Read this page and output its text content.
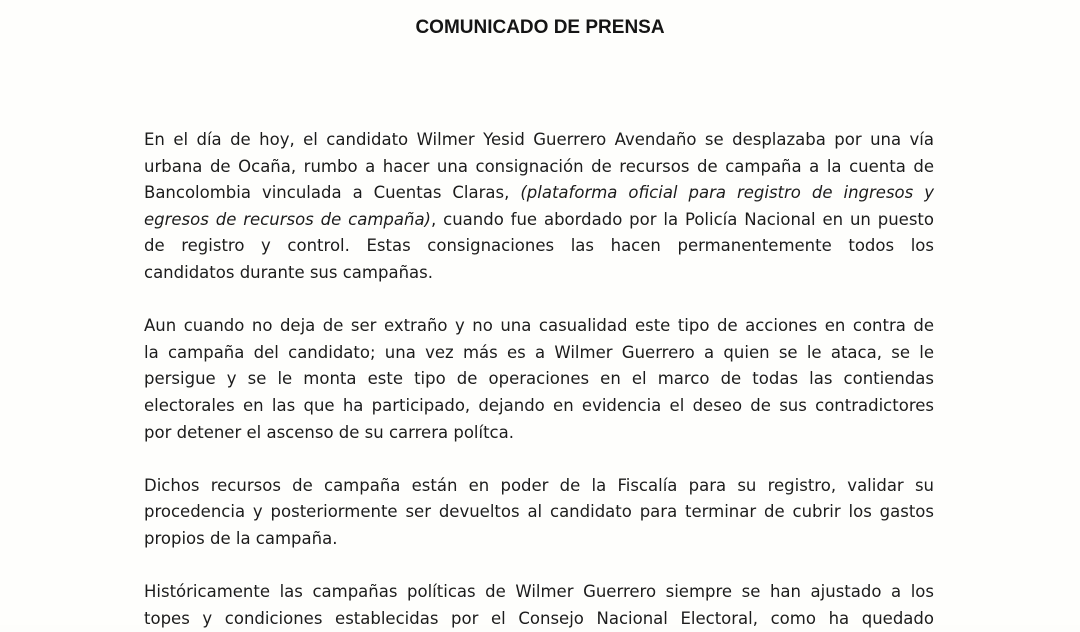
COMUNICADO DE PRENSA

En el día de hoy, el candidato Wilmer Yesid Guerrero Avendaño se desplazaba por una vía
urbana de Ocaña, rumbo a hacer una consignación de recursos de campaña a la cuenta de
Bancolombia vinculada a Cuentas Claras, (plataforma oficial para registro de ingresos y
egresos de recursos de campaña), cuando fue abordado por la Policía Nacional en un puesto
de registro y control. Estas consignaciones las hacen permanentemente todos los
candidatos durante sus campañas.

Aun cuando no deja de ser extraño y no una casualidad este tipo de acciones en contra de
la campaña del candidato; una vez más es a Wilmer Guerrero a quien se le ataca, se le
persigue y se le monta este tipo de operaciones en el marco de todas las contiendas
electorales en las que ha participado, dejando en evidencia el deseo de sus contradictores
por detener el ascenso de su carrera polítca.

Dichos recursos de campaña están en poder de la Fiscalía para su registro, validar su
procedencia y posteriormente ser devueltos al candidato para terminar de cubrir los gastos
propios de la campaña.

Históricamente las campañas políticas de Wilmer Guerrero siempre se han ajustado a los
topes y condiciones establecidas por el Consejo Nacional Electoral, como ha quedado
